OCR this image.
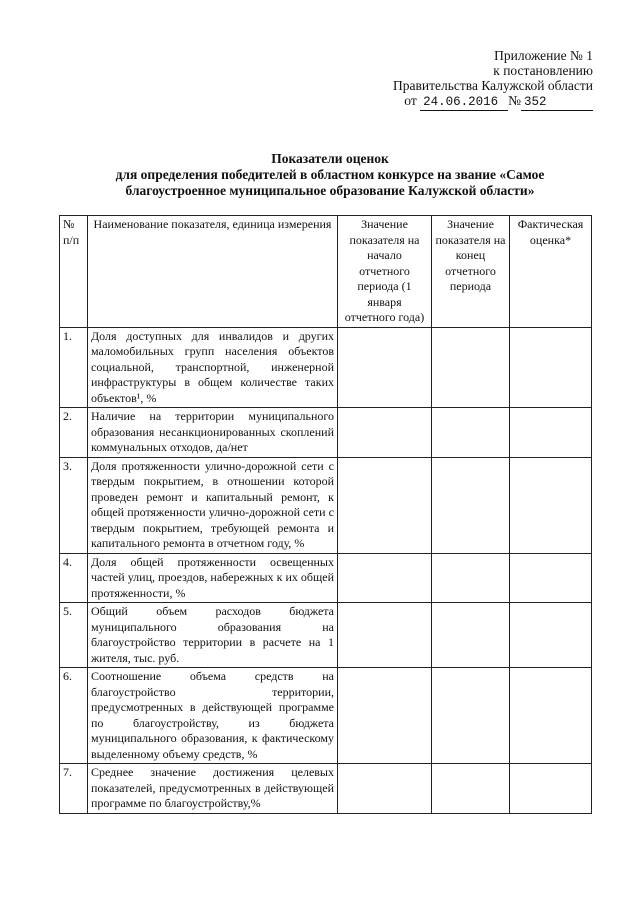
Приложение № 1
к постановлению
Правительства Калужской области
от 24.06.2016 № 352
Показатели оценок
для определения победителей в областном конкурсе на звание «Самое
благоустроенное муниципальное образование Калужской области»
№ п/п	Наименование показателя, единица измерения	Значение показателя на начало отчетного периода (1 января отчетного года)	Значение показателя на конец отчетного периода	Фактическая оценка*
1.	Доля доступных для инвалидов и других маломобильных групп населения объектов социальной, транспортной, инженерной инфраструктуры в общем количестве таких объектов¹, %			
2.	Наличие на территории муниципального образования несанкционированных скоплений коммунальных отходов, да/нет			
3.	Доля протяженности улично-дорожной сети с твердым покрытием, в отношении которой проведен ремонт и капитальный ремонт, к общей протяженности улично-дорожной сети с твердым покрытием, требующей ремонта и капитального ремонта в отчетном году, %			
4.	Доля общей протяженности освещенных частей улиц, проездов, набережных к их общей протяженности, %			
5.	Общий объем расходов бюджета муниципального образования на благоустройство территории в расчете на 1 жителя, тыс. руб.			
6.	Соотношение объема средств на благоустройство территории, предусмотренных в действующей программе по благоустройству, из бюджета муниципального образования, к фактическому выделенному объему средств, %			
7.	Среднее значение достижения целевых показателей, предусмотренных в действующей программе по благоустройству,%			
